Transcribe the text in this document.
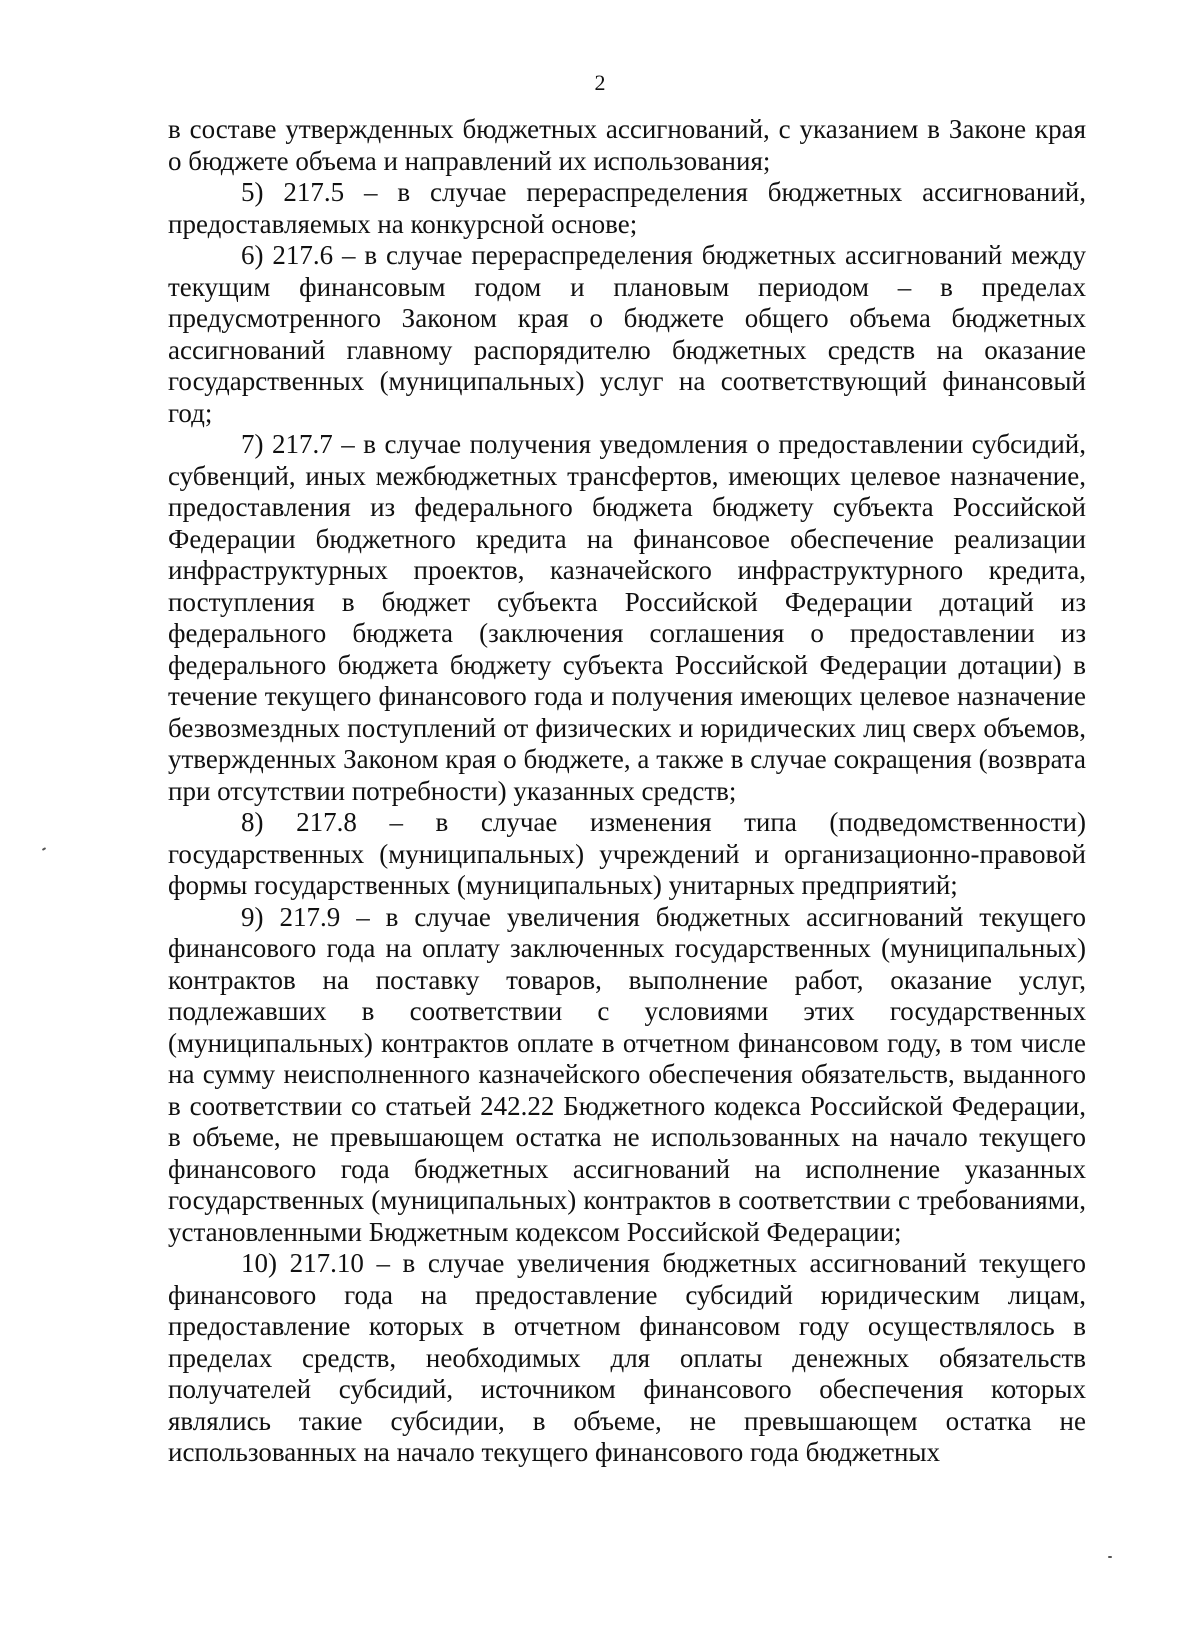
2

в составе утвержденных бюджетных ассигнований, с указанием в Законе края о бюджете объема и направлений их использования;

5) 217.5 – в случае перераспределения бюджетных ассигнований, предоставляемых на конкурсной основе;

6) 217.6 – в случае перераспределения бюджетных ассигнований между текущим финансовым годом и плановым периодом – в пределах предусмотренного Законом края о бюджете общего объема бюджетных ассигнований главному распорядителю бюджетных средств на оказание государственных (муниципальных) услуг на соответствующий финансовый год;

7) 217.7 – в случае получения уведомления о предоставлении субсидий, субвенций, иных межбюджетных трансфертов, имеющих целевое назначение, предоставления из федерального бюджета бюджету субъекта Российской Федерации бюджетного кредита на финансовое обеспечение реализации инфраструктурных проектов, казначейского инфраструктурного кредита, поступления в бюджет субъекта Российской Федерации дотаций из федерального бюджета (заключения соглашения о предоставлении из федерального бюджета бюджету субъекта Российской Федерации дотации) в течение текущего финансового года и получения имеющих целевое назначение безвозмездных поступлений от физических и юридических лиц сверх объемов, утвержденных Законом края о бюджете, а также в случае сокращения (возврата при отсутствии потребности) указанных средств;

8) 217.8 – в случае изменения типа (подведомственности) государственных (муниципальных) учреждений и организационно-правовой формы государственных (муниципальных) унитарных предприятий;

9) 217.9 – в случае увеличения бюджетных ассигнований текущего финансового года на оплату заключенных государственных (муниципальных) контрактов на поставку товаров, выполнение работ, оказание услуг, подлежавших в соответствии с условиями этих государственных (муниципальных) контрактов оплате в отчетном финансовом году, в том числе на сумму неисполненного казначейского обеспечения обязательств, выданного в соответствии со статьей 242.22 Бюджетного кодекса Российской Федерации, в объеме, не превышающем остатка не использованных на начало текущего финансового года бюджетных ассигнований на исполнение указанных государственных (муниципальных) контрактов в соответствии с требованиями, установленными Бюджетным кодексом Российской Федерации;

10) 217.10 – в случае увеличения бюджетных ассигнований текущего финансового года на предоставление субсидий юридическим лицам, предоставление которых в отчетном финансовом году осуществлялось в пределах средств, необходимых для оплаты денежных обязательств получателей субсидий, источником финансового обеспечения которых являлись такие субсидии, в объеме, не превышающем остатка не использованных на начало текущего финансового года бюджетных
